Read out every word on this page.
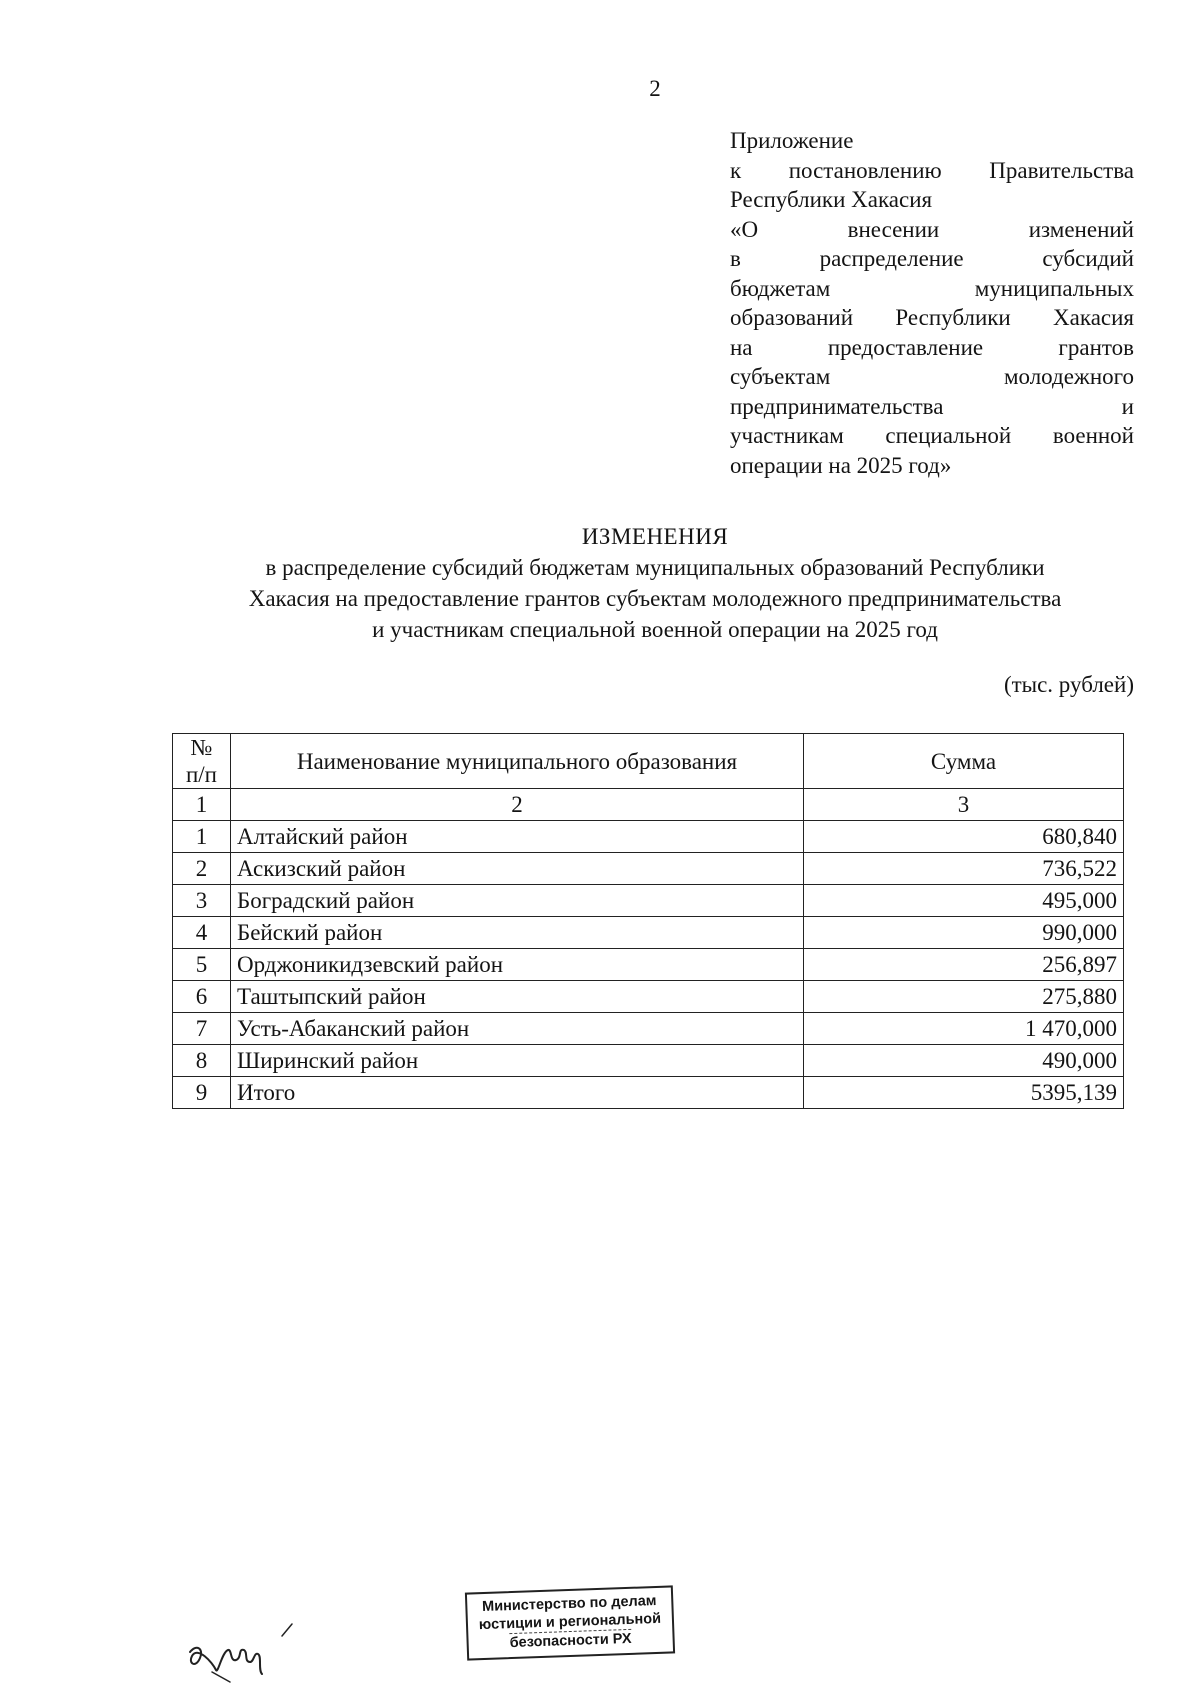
2
Приложение
к постановлению Правительства
Республики Хакасия
«О внесении изменений
в распределение субсидий
бюджетам муниципальных
образований Республики Хакасия
на предоставление грантов
субъектам молодежного
предпринимательства и
участникам специальной военной
операции на 2025 год»
ИЗМЕНЕНИЯ
в распределение субсидий бюджетам муниципальных образований Республики
Хакасия на предоставление грантов субъектам молодежного предпринимательства
и участникам специальной военной операции на 2025 год
(тыс. рублей)
№
п/п	Наименование муниципального образования	Сумма
1	2	3
1	Алтайский район	680,840
2	Аскизский район	736,522
3	Боградский район	495,000
4	Бейский район	990,000
5	Орджоникидзевский район	256,897
6	Таштыпский район	275,880
7	Усть-Абаканский район	1 470,000
8	Ширинский район	490,000
9	Итого	5395,139
Министерство по делам
юстиции и региональной
безопасности РХ
